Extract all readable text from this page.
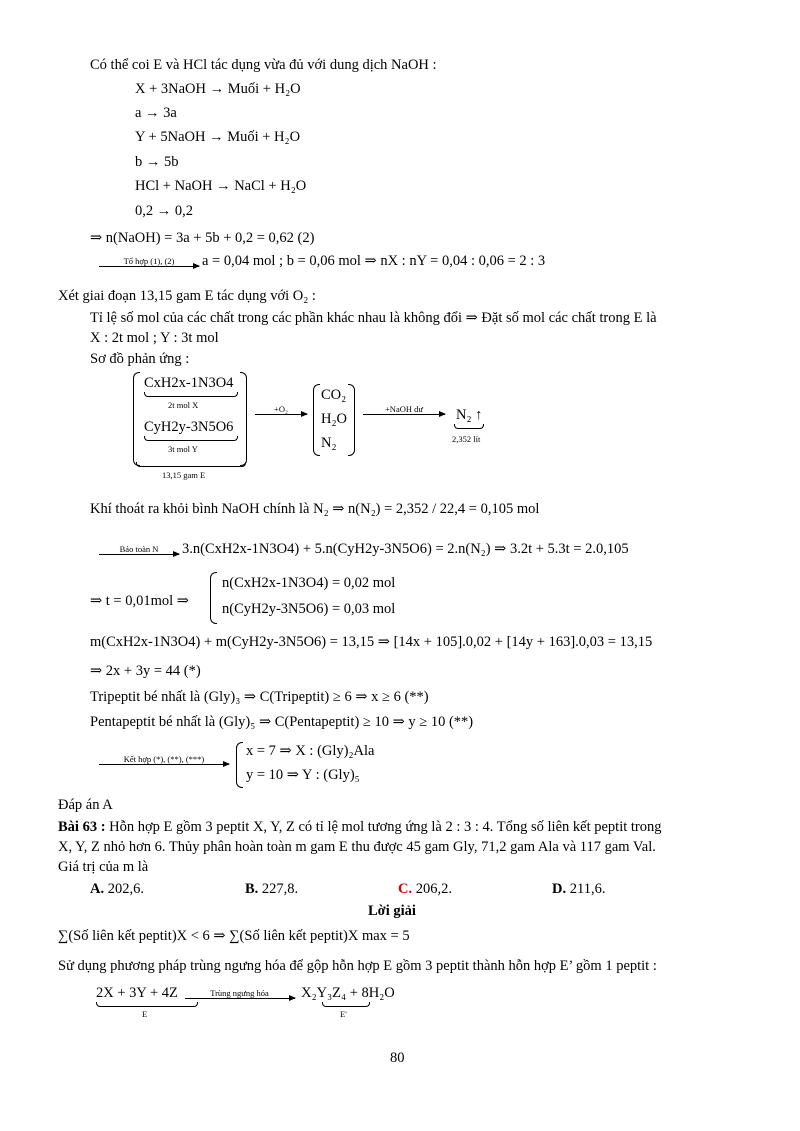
Có thể coi E và HCl tác dụng vừa đủ với dung dịch NaOH :
X + 3NaOH → Muối + H₂O
a → 3a
Y + 5NaOH → Muối + H₂O
b → 5b
HCl + NaOH → NaCl + H₂O
0,2 → 0,2
⇒ n(NaOH) = 3a + 5b + 0,2 = 0,62 (2)
Tổ hợp (1), (2)	a = 0,04 mol ; b = 0,06 mol ⇒ nX : nY = 0,04 : 0,06 = 2 : 3
Xét giai đoạn 13,15 gam E tác dụng với O₂ :
Tỉ lệ số mol của các chất trong các phần khác nhau là không đổi ⇒ Đặt số mol các chất trong E là
X : 2t mol ; Y : 3t mol
Sơ đồ phản ứng :
CxH2x-1N3O4
2t mol X
CyH2y-3N5O6
3t mol Y
13,15 gam E
+O₂
CO₂
H₂O
N₂
+NaOH dư	N₂ ↑
2,352 lít
Khí thoát ra khỏi bình NaOH chính là N₂ ⇒ n(N₂) = 2,352 / 22,4 = 0,105 mol
Bảo toàn N	3.n(CxH2x-1N3O4) + 5.n(CyH2y-3N5O6) = 2.n(N₂) ⇒ 3.2t + 5.3t = 2.0,105
⇒ t = 0,01mol ⇒
n(CxH2x-1N3O4) = 0,02 mol
n(CyH2y-3N5O6) = 0,03 mol
m(CxH2x-1N3O4) + m(CyH2y-3N5O6) = 13,15 ⇒ [14x + 105].0,02 + [14y + 163].0,03 = 13,15
⇒ 2x + 3y = 44 (*)
Tripeptit bé nhất là (Gly)₃ ⇒ C(Tripeptit) ≥ 6 ⇒ x ≥ 6 (**)
Pentapeptit bé nhất là (Gly)₅ ⇒ C(Pentapeptit) ≥ 10 ⇒ y ≥ 10 (**)
Kết hợp (*), (**), (***)
x = 7 ⇒ X : (Gly)₂Ala
y = 10 ⇒ Y : (Gly)₅
Đáp án A
Bài 63 : Hỗn hợp E gồm 3 peptit X, Y, Z có tỉ lệ mol tương ứng là 2 : 3 : 4. Tổng số liên kết peptit trong
X, Y, Z nhỏ hơn 6. Thủy phân hoàn toàn m gam E thu được 45 gam Gly, 71,2 gam Ala và 117 gam Val.
Giá trị của m là
A. 202,6.	B. 227,8.	C. 206,2.	D. 211,6.
Lời giải
∑(Số liên kết peptit)X < 6 ⇒ ∑(Số liên kết peptit)X max = 5
Sử dụng phương pháp trùng ngưng hóa để gộp hỗn hợp E gồm 3 peptit thành hỗn hợp E’ gồm 1 peptit :
2X + 3Y + 4Z	Trùng ngưng hóa	X₂Y₃Z₄ + 8H₂O
E	E'
80
